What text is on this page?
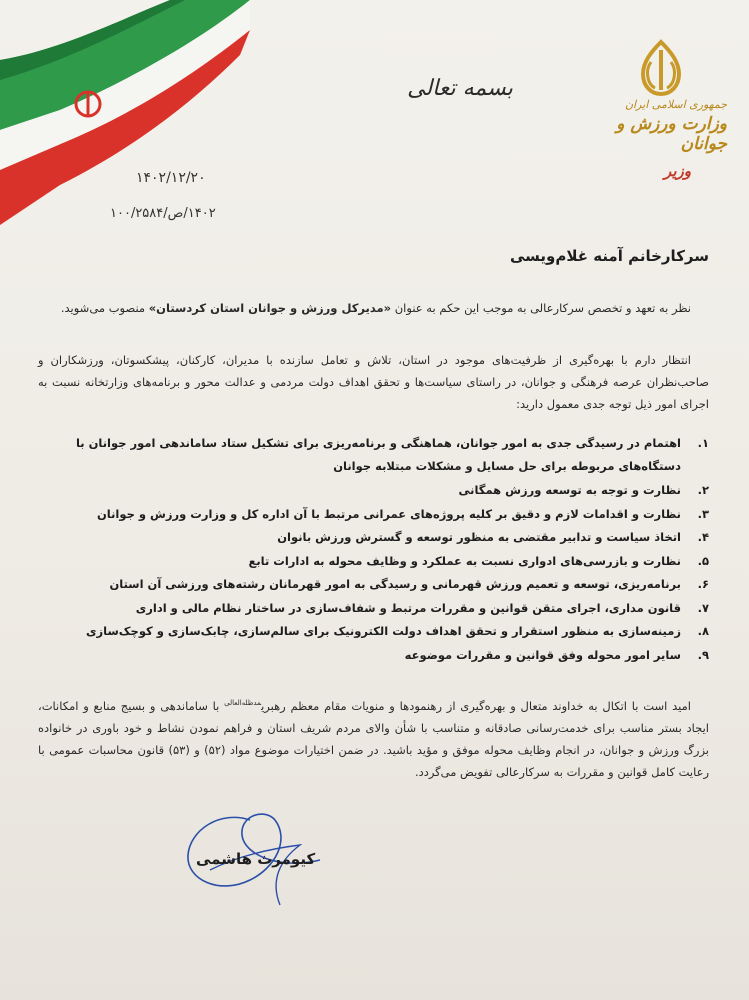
جمهوری اسلامی ایران
وزارت ورزش و جوانان
وزیر
بسمه تعالی
۱۴۰۲/۱۲/۲۰
۱۴۰۲/ص/۱۰۰/۲۵۸۴
سرکارخانم آمنه غلام‌ویسی
نظر به تعهد و تخصص سرکارعالی به موجب این حکم به عنوان «مدیرکل ورزش و جوانان استان کردستان» منصوب می‌شوید.
انتظار دارم با بهره‌گیری از ظرفیت‌های موجود در استان، تلاش و تعامل سازنده با مدیران، کارکنان، پیشکسوتان، ورزشکاران و صاحب‌نظران عرصه فرهنگی و جوانان، در راستای سیاست‌ها و تحقق اهداف دولت مردمی و عدالت محور و برنامه‌های وزارتخانه نسبت به اجرای امور ذیل توجه جدی معمول دارید:
۱.
اهتمام در رسیدگی جدی به امور جوانان، هماهنگی و برنامه‌ریزی برای تشکیل ستاد ساماندهی امور جوانان با دستگاه‌های مربوطه برای حل مسایل و مشکلات مبتلابه جوانان
۲.
نظارت و توجه به توسعه ورزش همگانی
۳.
نظارت و اقدامات لازم و دقیق بر کلیه پروژه‌های عمرانی مرتبط با آن اداره کل و وزارت ورزش و جوانان
۴.
اتخاذ سیاست و تدابیر مقتضی به منظور توسعه و گسترش ورزش بانوان
۵.
نظارت و بازرسی‌های ادواری نسبت به عملکرد و وظایف محوله به ادارات تابع
۶.
برنامه‌ریزی، توسعه و تعمیم ورزش قهرمانی و رسیدگی به امور قهرمانان رشته‌های ورزشی آن استان
۷.
قانون مداری، اجرای متقن قوانین و مقررات مرتبط و شفاف‌سازی در ساختار نظام مالی و اداری
۸.
زمینه‌سازی به منظور استقرار و تحقق اهداف دولت الکترونیک برای سالم‌سازی، چابک‌سازی و کوچک‌سازی
۹.
سایر امور محوله وفق قوانین و مقررات موضوعه
امید است با اتکال به خداوند متعال و بهره‌گیری از رهنمودها و منویات مقام معظم رهبری$^{مدظله‌العالی}$ با ساماندهی و بسیج منابع و امکانات، ایجاد بستر مناسب برای خدمت‌رسانی صادقانه و متناسب با شأن والای مردم شریف استان و فراهم نمودن نشاط و خود باوری در خانواده بزرگ ورزش و جوانان، در انجام وظایف محوله موفق و مؤید باشید. در ضمن اختیارات موضوع مواد (۵۲) و (۵۳) قانون محاسبات عمومی با رعایت کامل قوانین و مقررات به سرکارعالی تفویض می‌گردد.
کیومرث هاشمی
